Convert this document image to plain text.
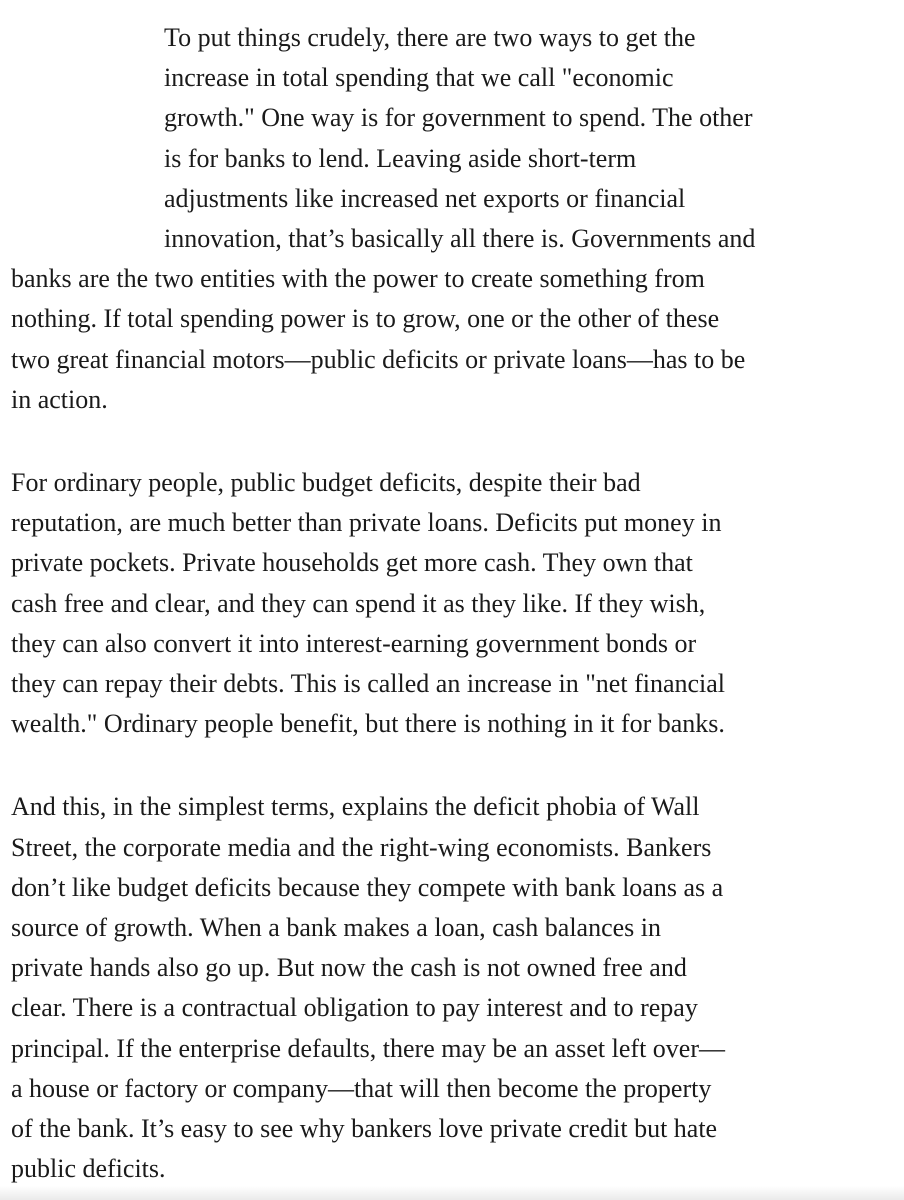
To put things crudely, there are two ways to get the
increase in total spending that we call "economic
growth." One way is for government to spend. The other
is for banks to lend. Leaving aside short-term
adjustments like increased net exports or financial
innovation, that’s basically all there is. Governments and
banks are the two entities with the power to create something from
nothing. If total spending power is to grow, one or the other of these
two great financial motors—public deficits or private loans—has to be
in action.

For ordinary people, public budget deficits, despite their bad
reputation, are much better than private loans. Deficits put money in
private pockets. Private households get more cash. They own that
cash free and clear, and they can spend it as they like. If they wish,
they can also convert it into interest-earning government bonds or
they can repay their debts. This is called an increase in "net financial
wealth." Ordinary people benefit, but there is nothing in it for banks.

And this, in the simplest terms, explains the deficit phobia of Wall
Street, the corporate media and the right-wing economists. Bankers
don’t like budget deficits because they compete with bank loans as a
source of growth. When a bank makes a loan, cash balances in
private hands also go up. But now the cash is not owned free and
clear. There is a contractual obligation to pay interest and to repay
principal. If the enterprise defaults, there may be an asset left over—
a house or factory or company—that will then become the property
of the bank. It’s easy to see why bankers love private credit but hate
public deficits.
